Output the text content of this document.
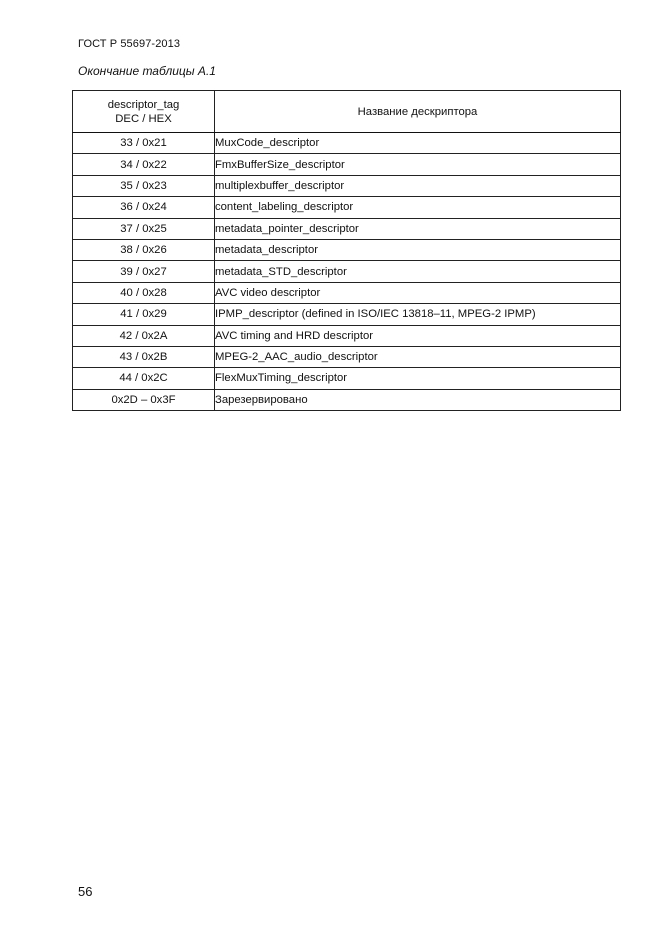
ГОСТ Р 55697-2013
Окончание таблицы А.1
descriptor_tag
DEC / HEX	Название дескриптора
33 / 0x21	MuxCode_descriptor
34 / 0x22	FmxBufferSize_descriptor
35 / 0x23	multiplexbuffer_descriptor
36 / 0x24	content_labeling_descriptor
37 / 0x25	metadata_pointer_descriptor
38 / 0x26	metadata_descriptor
39 / 0x27	metadata_STD_descriptor
40 / 0x28	AVC video descriptor
41 / 0x29	IPMP_descriptor (defined in ISO/IEC 13818–11, MPEG-2 IPMP)
42 / 0x2A	AVC timing and HRD descriptor
43 / 0x2B	MPEG-2_AAC_audio_descriptor
44 / 0x2C	FlexMuxTiming_descriptor
0x2D – 0x3F	Зарезервировано
56
